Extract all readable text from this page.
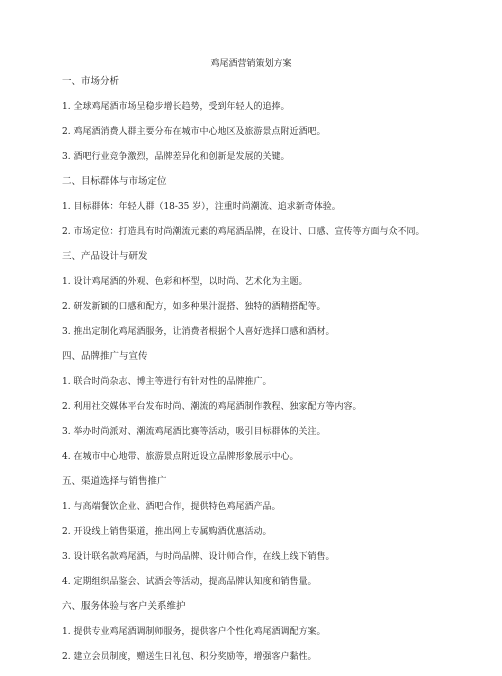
鸡尾酒营销策划方案
一、市场分析
1. 全球鸡尾酒市场呈稳步增长趋势，受到年轻人的追捧。
2. 鸡尾酒消费人群主要分布在城市中心地区及旅游景点附近酒吧。
3. 酒吧行业竞争激烈，品牌差异化和创新是发展的关键。
二、目标群体与市场定位
1. 目标群体：年轻人群（18-35 岁），注重时尚潮流、追求新奇体验。
2. 市场定位：打造具有时尚潮流元素的鸡尾酒品牌，在设计、口感、宣传等方面与众不同。
三、产品设计与研发
1. 设计鸡尾酒的外观、色彩和杯型，以时尚、艺术化为主题。
2. 研发新颖的口感和配方，如多种果汁混搭、独特的酒精搭配等。
3. 推出定制化鸡尾酒服务，让消费者根据个人喜好选择口感和酒材。
四、品牌推广与宣传
1. 联合时尚杂志、博主等进行有针对性的品牌推广。
2. 利用社交媒体平台发布时尚、潮流的鸡尾酒制作教程、独家配方等内容。
3. 举办时尚派对、潮流鸡尾酒比赛等活动，吸引目标群体的关注。
4. 在城市中心地带、旅游景点附近设立品牌形象展示中心。
五、渠道选择与销售推广
1. 与高端餐饮企业、酒吧合作，提供特色鸡尾酒产品。
2. 开设线上销售渠道，推出网上专属购酒优惠活动。
3. 设计联名款鸡尾酒，与时尚品牌、设计师合作，在线上线下销售。
4. 定期组织品鉴会、试酒会等活动，提高品牌认知度和销售量。
六、服务体验与客户关系维护
1. 提供专业鸡尾酒调制师服务，提供客户个性化鸡尾酒调配方案。
2. 建立会员制度，赠送生日礼包、积分奖励等，增强客户黏性。
